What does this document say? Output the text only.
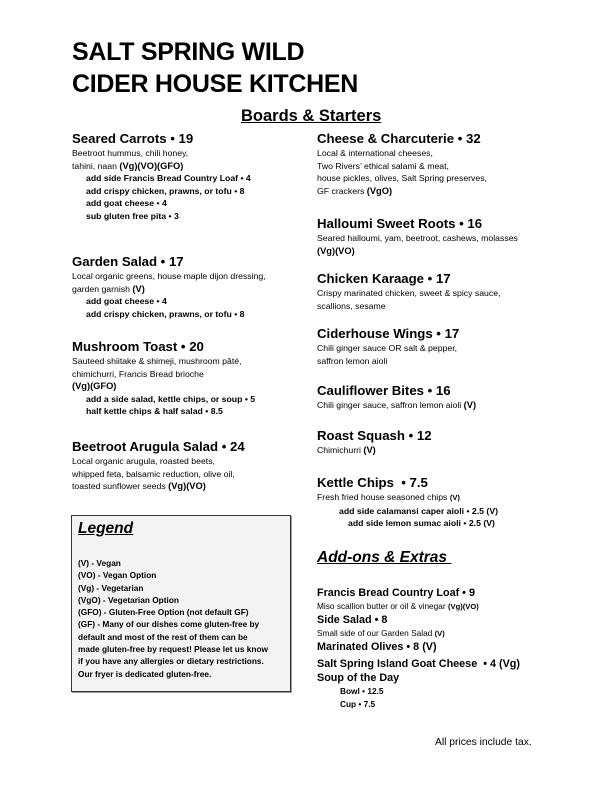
SALT SPRING WILD
CIDER HOUSE KITCHEN
Boards & Starters
Seared Carrots • 19
Beetroot hummus, chili honey,
tahini, naan (Vg)(VO)(GFO)
add side Francis Bread Country Loaf • 4
add crispy chicken, prawns, or tofu • 8
add goat cheese • 4
sub gluten free pita • 3
Garden Salad • 17
Local organic greens, house maple dijon dressing,
garden garnish (V)
add goat cheese • 4
add crispy chicken, prawns, or tofu • 8
Mushroom Toast • 20
Sauteed shiitake & shimeji, mushroom pâté,
chimichurri, Francis Bread brioche
(Vg)(GFO)
add a side salad, kettle chips, or soup • 5
half kettle chips & half salad • 8.5
Beetroot Arugula Salad • 24
Local organic arugula, roasted beets,
whipped feta, balsamic reduction, olive oil,
toasted sunflower seeds (Vg)(VO)
Legend
(V) - Vegan
(VO) - Vegan Option
(Vg) - Vegetarian
(VgO) - Vegetarian Option
(GFO) - Gluten-Free Option (not default GF)
(GF) - Many of our dishes come gluten-free by
default and most of the rest of them can be
made gluten-free by request! Please let us know
if you have any allergies or dietary restrictions.
Our fryer is dedicated gluten-free.
Cheese & Charcuterie • 32
Local & international cheeses,
Two Rivers’ ethical salami & meat,
house pickles, olives, Salt Spring preserves,
GF crackers (VgO)
Halloumi Sweet Roots • 16
Seared halloumi, yam, beetroot, cashews, molasses
(Vg)(VO)
Chicken Karaage • 17
Crispy marinated chicken, sweet & spicy sauce,
scallions, sesame
Ciderhouse Wings • 17
Chili ginger sauce OR salt & pepper,
saffron lemon aioli
Cauliflower Bites • 16
Chili ginger sauce, saffron lemon aioli (V)
Roast Squash • 12
Chimichurri (V)
Kettle Chips  • 7.5
Fresh fried house seasoned chips (V)
add side calamansi caper aioli • 2.5 (V)
add side lemon sumac aioli • 2.5 (V)
Add-ons & Extras
Francis Bread Country Loaf • 9
Miso scallion butter or oil & vinegar (Vg)(VO)
Side Salad • 8
Small side of our Garden Salad (V)
Marinated Olives • 8 (V)
Salt Spring Island Goat Cheese  • 4 (Vg)
Soup of the Day
Bowl • 12.5
Cup • 7.5
All prices include tax.
